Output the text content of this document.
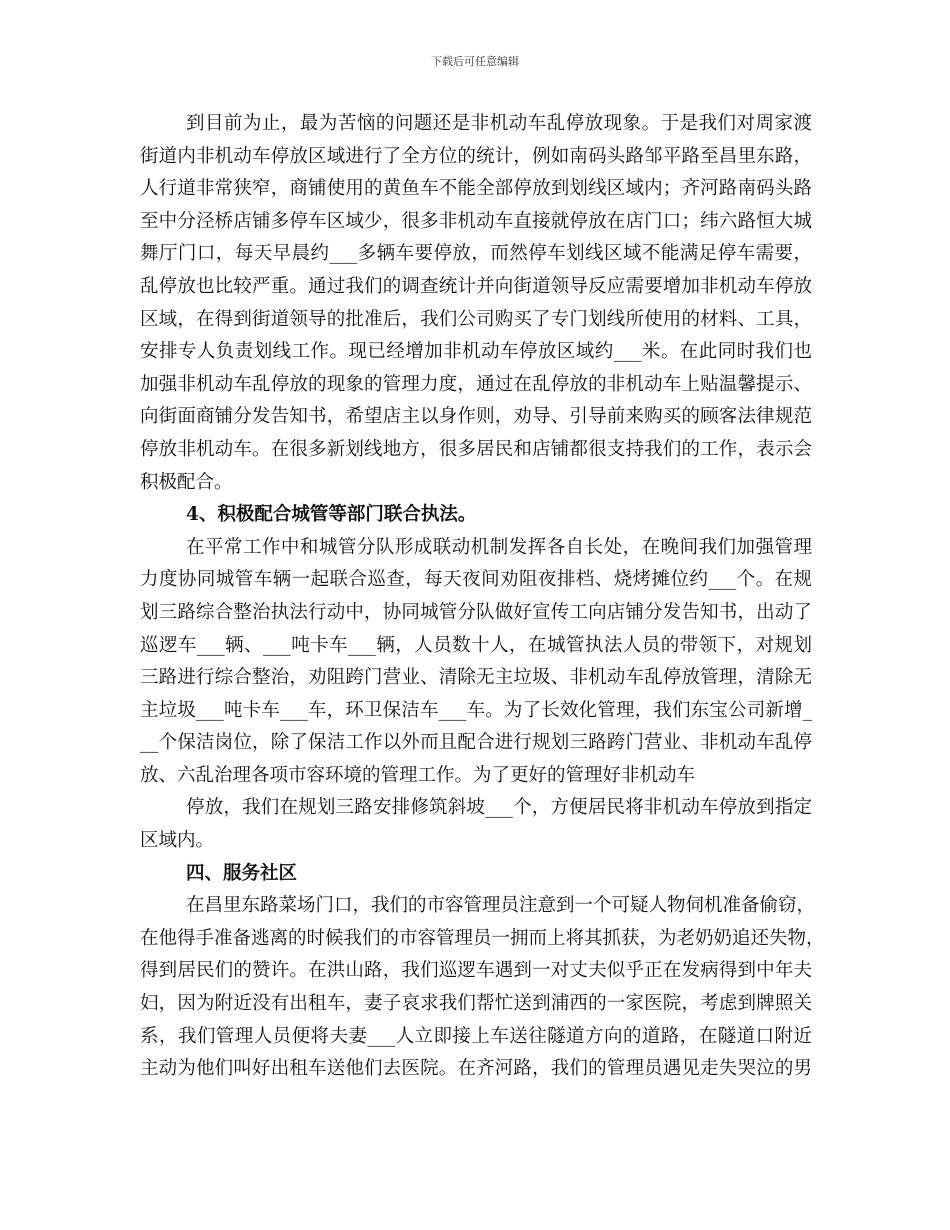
下载后可任意编辑
到目前为止，最为苦恼的问题还是非机动车乱停放现象。于是我们对周家渡
街道内非机动车停放区域进行了全方位的统计，例如南码头路邹平路至昌里东路，
人行道非常狭窄，商铺使用的黄鱼车不能全部停放到划线区域内；齐河路南码头路
至中分泾桥店铺多停车区域少，很多非机动车直接就停放在店门口；纬六路恒大城
舞厅门口，每天早晨约___多辆车要停放，而然停车划线区域不能满足停车需要，
乱停放也比较严重。通过我们的调查统计并向街道领导反应需要增加非机动车停放
区域，在得到街道领导的批准后，我们公司购买了专门划线所使用的材料、工具，
安排专人负责划线工作。现已经增加非机动车停放区域约___米。在此同时我们也
加强非机动车乱停放的现象的管理力度，通过在乱停放的非机动车上贴温馨提示、
向街面商铺分发告知书，希望店主以身作则，劝导、引导前来购买的顾客法律规范
停放非机动车。在很多新划线地方，很多居民和店铺都很支持我们的工作，表示会
积极配合。
4、积极配合城管等部门联合执法。
在平常工作中和城管分队形成联动机制发挥各自长处，在晚间我们加强管理
力度协同城管车辆一起联合巡查，每天夜间劝阻夜排档、烧烤摊位约___个。在规
划三路综合整治执法行动中，协同城管分队做好宣传工向店铺分发告知书，出动了
巡逻车___辆、___吨卡车___辆，人员数十人，在城管执法人员的带领下，对规划
三路进行综合整治，劝阻跨门营业、清除无主垃圾、非机动车乱停放管理，清除无
主垃圾___吨卡车___车，环卫保洁车___车。为了长效化管理，我们东宝公司新增_
__个保洁岗位，除了保洁工作以外而且配合进行规划三路跨门营业、非机动车乱停
放、六乱治理各项市容环境的管理工作。为了更好的管理好非机动车
停放，我们在规划三路安排修筑斜坡___个，方便居民将非机动车停放到指定
区域内。
四、服务社区
在昌里东路菜场门口，我们的市容管理员注意到一个可疑人物伺机准备偷窃，
在他得手准备逃离的时候我们的市容管理员一拥而上将其抓获，为老奶奶追还失物，
得到居民们的赞许。在洪山路，我们巡逻车遇到一对丈夫似乎正在发病得到中年夫
妇，因为附近没有出租车，妻子哀求我们帮忙送到浦西的一家医院，考虑到牌照关
系，我们管理人员便将夫妻___人立即接上车送往隧道方向的道路，在隧道口附近
主动为他们叫好出租车送他们去医院。在齐河路，我们的管理员遇见走失哭泣的男
